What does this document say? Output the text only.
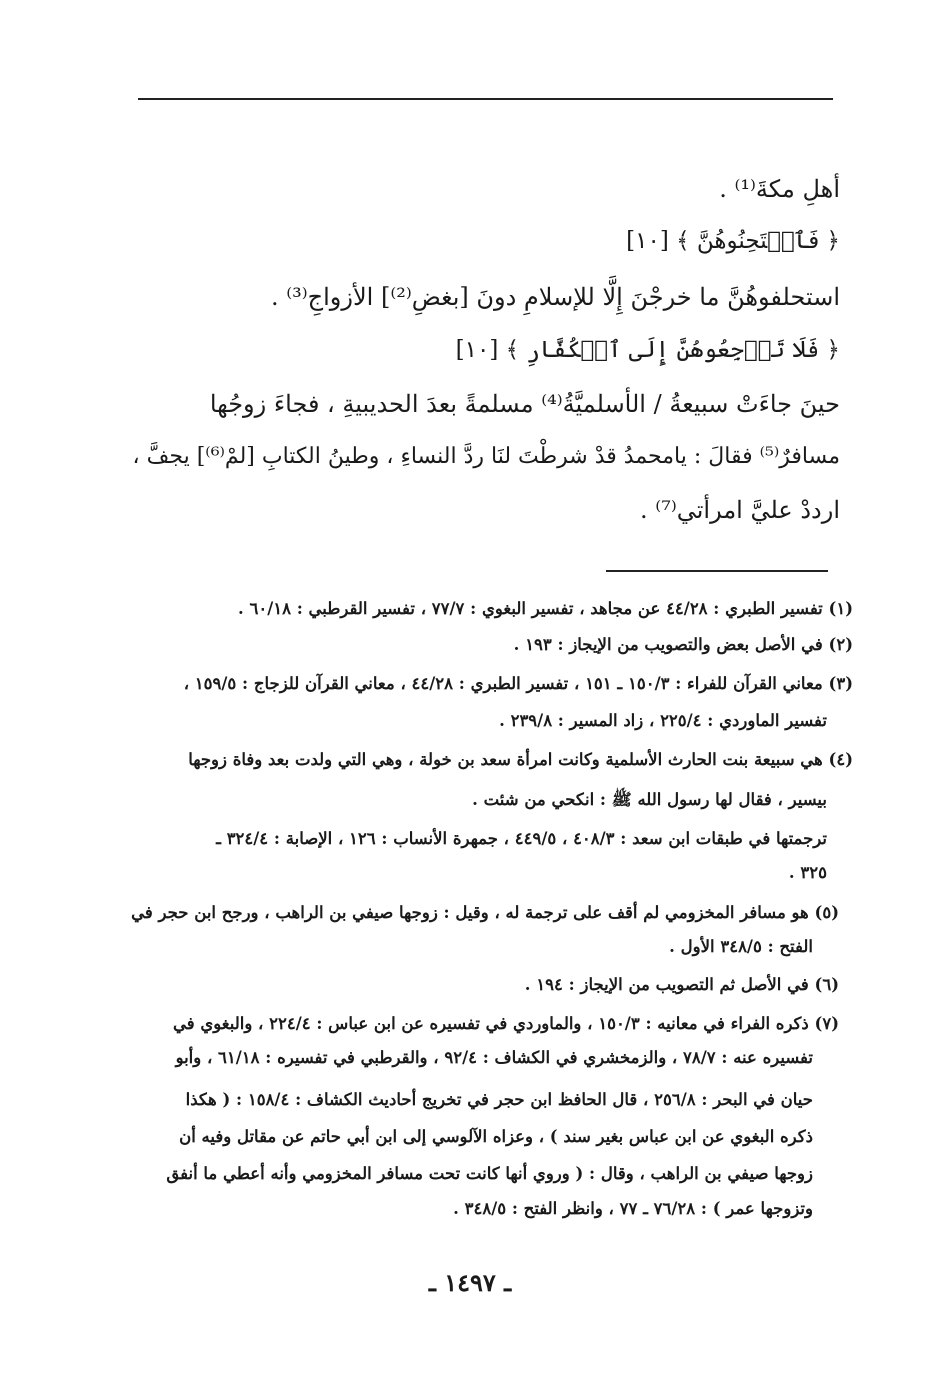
أهلِ مكةَ⁽¹⁾ .
﴿ فَٱمۡتَحِنُوهُنَّ ﴾ [١٠]
استحلفوهُنَّ ما خرجْنَ إِلَّا للإسلامِ دونَ [بغضِ⁽²⁾] الأزواجِ⁽³⁾ .
﴿ فَلَا تَرۡجِعُوهُنَّ إِلَى ٱلۡكُفَّارِ ﴾ [١٠]
حينَ جاءَتْ سبيعةُ / الأسلميَّةُ⁽⁴⁾ مسلمةً بعدَ الحديبيةِ ، فجاءَ زوجُها
مسافرٌ⁽⁵⁾ فقالَ : يامحمدُ قدْ شرطْتَ لنَا ردَّ النساءِ ، وطينُ الكتابِ [لمْ⁽⁶⁾] يجفَّ ،
ارددْ عليَّ امرأتي⁽⁷⁾ .
(١) تفسير الطبري : ٤٤/٢٨ عن مجاهد ، تفسير البغوي : ٧٧/٧ ، تفسير القرطبي : ٦٠/١٨ .
(٢) في الأصل بعض والتصويب من الإيجاز : ١٩٣ .
(٣) معاني القرآن للفراء : ١٥٠/٣ ـ ١٥١ ، تفسير الطبري : ٤٤/٢٨ ، معاني القرآن للزجاج : ١٥٩/٥ ،
تفسير الماوردي : ٢٢٥/٤ ، زاد المسير : ٢٣٩/٨ .
(٤) هي سبيعة بنت الحارث الأسلمية وكانت امرأة سعد بن خولة ، وهي التي ولدت بعد وفاة زوجها
بيسير ، فقال لها رسول الله ﷺ : انكحي من شئت .
ترجمتها في طبقات ابن سعد : ٤٠٨/٣ ، ٤٤٩/٥ ، جمهرة الأنساب : ١٢٦ ، الإصابة : ٣٢٤/٤ ـ
٣٢٥ .
(٥) هو مسافر المخزومي لم أقف على ترجمة له ، وقيل : زوجها صيفي بن الراهب ، ورجح ابن حجر في
الفتح : ٣٤٨/٥ الأول .
(٦) في الأصل ثم التصويب من الإيجاز : ١٩٤ .
(٧) ذكره الفراء في معانيه : ١٥٠/٣ ، والماوردي في تفسيره عن ابن عباس : ٢٢٤/٤ ، والبغوي في
تفسيره عنه : ٧٨/٧ ، والزمخشري في الكشاف : ٩٢/٤ ، والقرطبي في تفسيره : ٦١/١٨ ، وأبو
حيان في البحر : ٢٥٦/٨ ، قال الحافظ ابن حجر في تخريج أحاديث الكشاف : ١٥٨/٤ : ( هكذا
ذكره البغوي عن ابن عباس بغير سند ) ، وعزاه الآلوسي إلى ابن أبي حاتم عن مقاتل وفيه أن
زوجها صيفي بن الراهب ، وقال : ( وروي أنها كانت تحت مسافر المخزومي وأنه أعطي ما أنفق
وتزوجها عمر ) : ٧٦/٢٨ ـ ٧٧ ، وانظر الفتح : ٣٤٨/٥ .
ـ ١٤٩٧ ـ
